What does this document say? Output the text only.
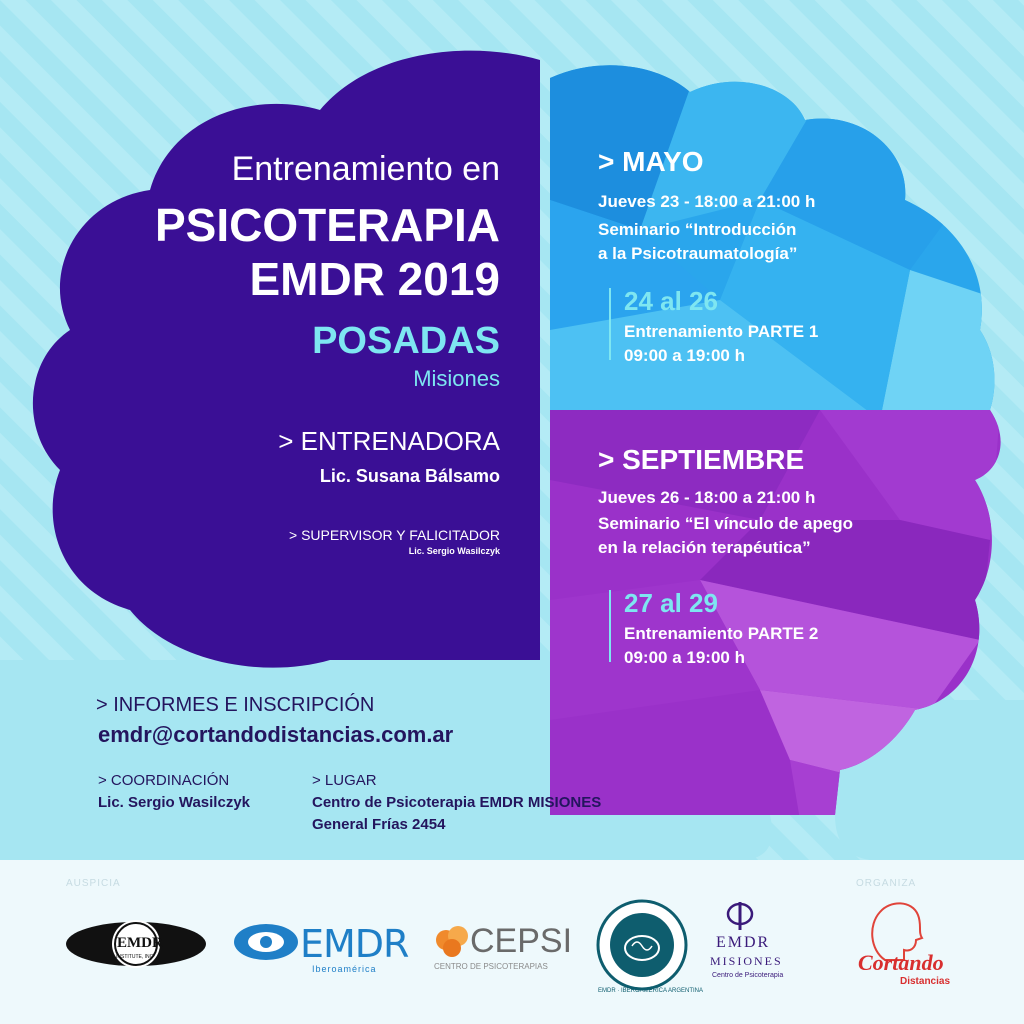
Entrenamiento en
PSICOTERAPIA
EMDR 2019
POSADAS
Misiones
> ENTRENADORA
Lic. Susana Bálsamo
> SUPERVISOR Y FALICITADOR
Lic. Sergio Wasilczyk
> MAYO
Jueves 23 - 18:00 a 21:00 h
Seminario “Introducción
a la Psicotraumatología”
24 al 26
Entrenamiento PARTE 1
09:00 a 19:00 h
> SEPTIEMBRE
Jueves 26 - 18:00 a 21:00 h
Seminario “El vínculo de apego
en la relación terapéutica”
27 al 29
Entrenamiento PARTE 2
09:00 a 19:00 h
> INFORMES E INSCRIPCIÓN
emdr@cortandodistancias.com.ar
> COORDINACIÓN
Lic. Sergio Wasilczyk
> LUGAR
Centro de Psicoterapia EMDR MISIONES
General Frías 2454
AUSPICIA	ORGANIZA
EMDR
INSTITUTE, INC	EMDR
Iberoamérica
CEPSI
CENTRO DE PSICOTERAPIAS
EMDR · IBEROAMÉRICA ARGENTINA
EMDR
MISIONES
Centro de Psicoterapia
Cortando
Distancias
